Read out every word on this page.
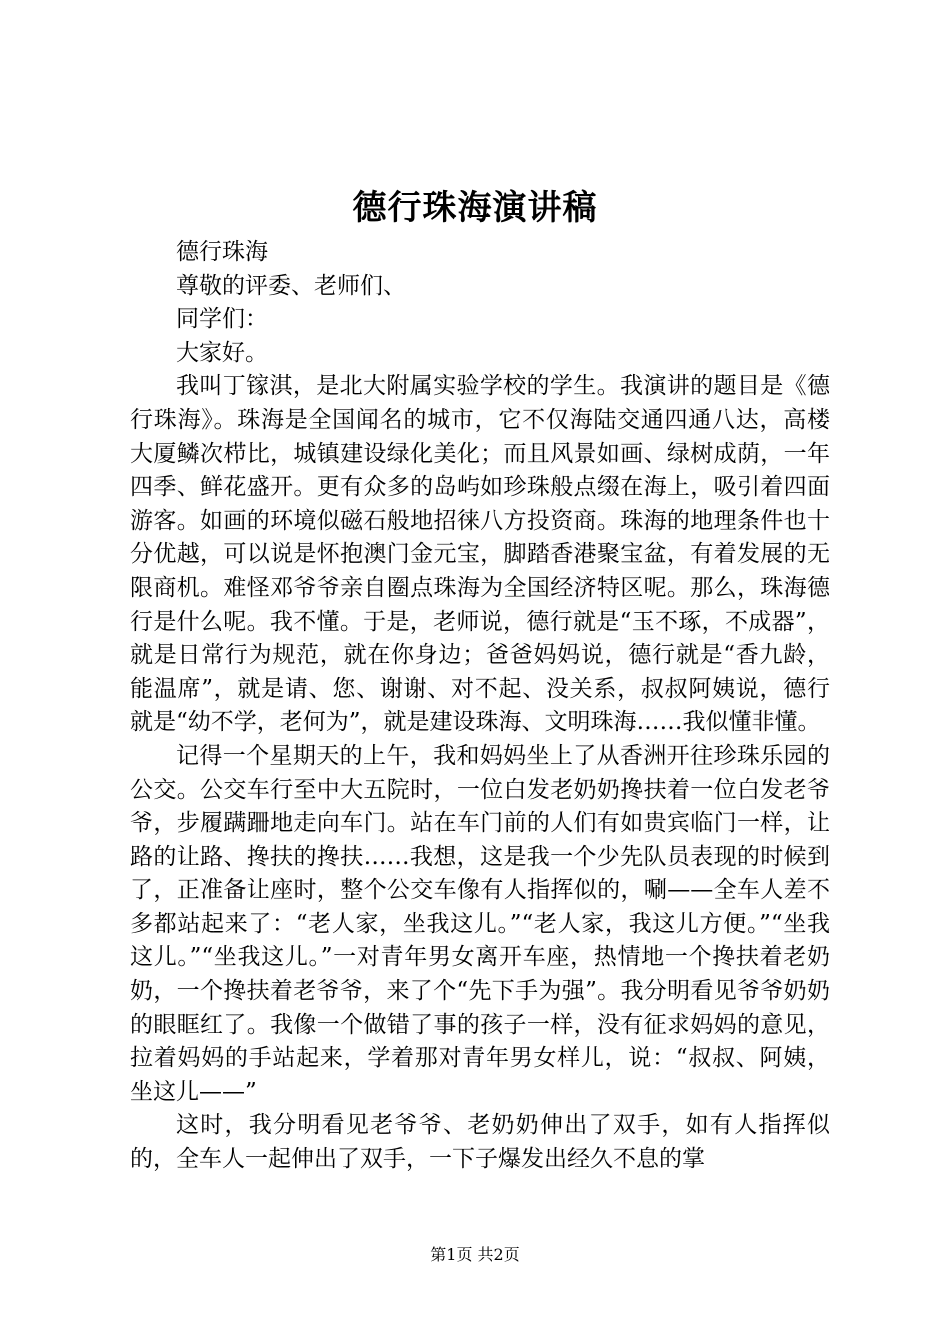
德行珠海演讲稿

德行珠海

尊敬的评委、老师们、

同学们：

大家好。

我叫丁镓淇，是北大附属实验学校的学生。我演讲的题目是《德行珠海》。珠海是全国闻名的城市，它不仅海陆交通四通八达，高楼大厦鳞次栉比，城镇建设绿化美化；而且风景如画、绿树成荫，一年四季、鲜花盛开。更有众多的岛屿如珍珠般点缀在海上，吸引着四面游客。如画的环境似磁石般地招徕八方投资商。珠海的地理条件也十分优越，可以说是怀抱澳门金元宝，脚踏香港聚宝盆，有着发展的无限商机。难怪邓爷爷亲自圈点珠海为全国经济特区呢。那么，珠海德行是什么呢。我不懂。于是，老师说，德行就是“玉不琢，不成器”，就是日常行为规范，就在你身边；爸爸妈妈说，德行就是“香九龄，能温席”，就是请、您、谢谢、对不起、没关系，叔叔阿姨说，德行就是“幼不学，老何为”，就是建设珠海、文明珠海……我似懂非懂。

记得一个星期天的上午，我和妈妈坐上了从香洲开往珍珠乐园的公交。公交车行至中大五院时，一位白发老奶奶搀扶着一位白发老爷爷，步履蹒跚地走向车门。站在车门前的人们有如贵宾临门一样，让路的让路、搀扶的搀扶……我想，这是我一个少先队员表现的时候到了，正准备让座时，整个公交车像有人指挥似的，唰——全车人差不多都站起来了：“老人家，坐我这儿。”“老人家，我这儿方便。”“坐我这儿。”“坐我这儿。”一对青年男女离开车座，热情地一个搀扶着老奶奶，一个搀扶着老爷爷，来了个“先下手为强”。我分明看见爷爷奶奶的眼眶红了。我像一个做错了事的孩子一样，没有征求妈妈的意见，拉着妈妈的手站起来，学着那对青年男女样儿，说：“叔叔、阿姨，坐这儿——”

这时，我分明看见老爷爷、老奶奶伸出了双手，如有人指挥似的，全车人一起伸出了双手，一下子爆发出经久不息的掌

第1页 共2页
